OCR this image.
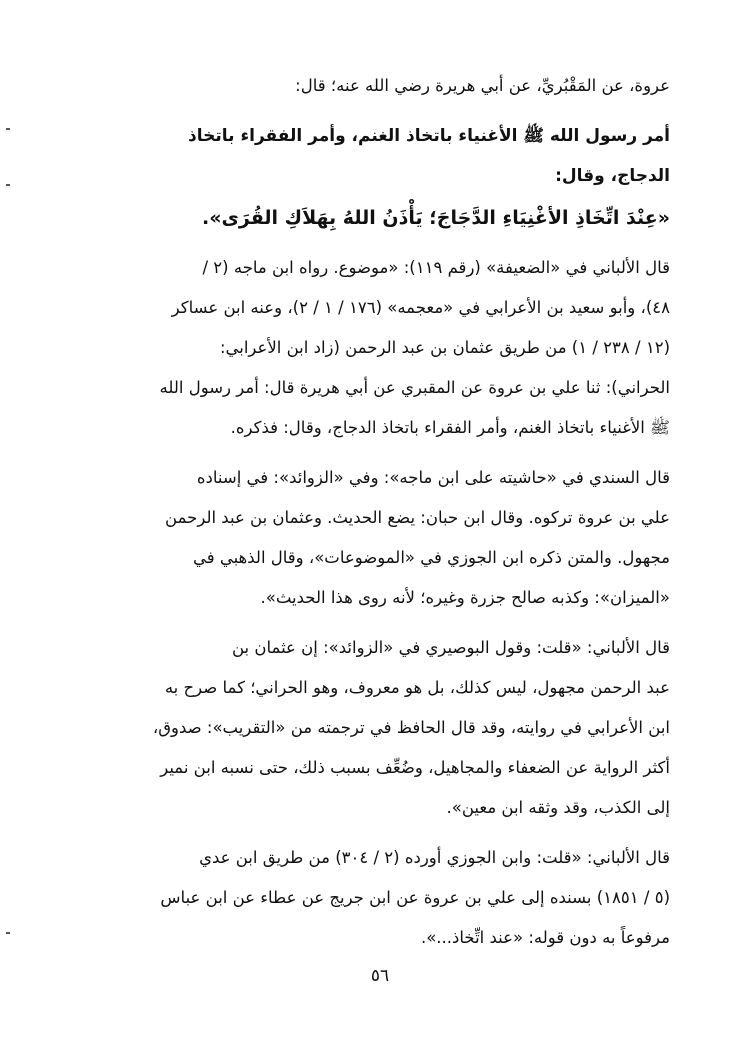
عروة، عن المَقْبُريِّ، عن أبي هريرة رضي الله عنه؛ قال:

أمر رسول الله ﷺ الأغنياء باتخاذ الغنم، وأمر الفقراء باتخاذ
الدجاج، وقال:

«عِنْدَ اتِّخَاذِ الأغْنِيَاءِ الدَّجَاجَ؛ يَأْذَنُ اللهُ بِهَلاَكِ القُرَى».

قال الألباني في «الضعيفة» (رقم ١١٩): «موضوع. رواه ابن ماجه (٢ /
٤٨)، وأبو سعيد بن الأعرابي في «معجمه» (١٧٦ / ١ / ٢)، وعنه ابن عساكر
(١٢ / ٢٣٨ / ١) من طريق عثمان بن عبد الرحمن (زاد ابن الأعرابي:
الحراني): ثنا علي بن عروة عن المقبري عن أبي هريرة قال: أمر رسول الله
ﷺ الأغنياء باتخاذ الغنم، وأمر الفقراء باتخاذ الدجاج، وقال: فذكره.

قال السندي في «حاشيته على ابن ماجه»: وفي «الزوائد»: في إسناده
علي بن عروة تركوه. وقال ابن حبان: يضع الحديث. وعثمان بن عبد الرحمن
مجهول. والمتن ذكره ابن الجوزي في «الموضوعات»، وقال الذهبي في
«الميزان»: وكذبه صالح جزرة وغيره؛ لأنه روى هذا الحديث».

قال الألباني: «قلت: وقول البوصيري في «الزوائد»: إن عثمان بن
عبد الرحمن مجهول، ليس كذلك، بل هو معروف، وهو الحراني؛ كما صرح به
ابن الأعرابي في روايته، وقد قال الحافظ في ترجمته من «التقريب»: صدوق،
أكثر الرواية عن الضعفاء والمجاهيل، وضُعِّف بسبب ذلك، حتى نسبه ابن نمير
إلى الكذب، وقد وثقه ابن معين».

قال الألباني: «قلت: وابن الجوزي أورده (٢ / ٣٠٤) من طريق ابن عدي
(٥ / ١٨٥١) بسنده إلى علي بن عروة عن ابن جريج عن عطاء عن ابن عباس
مرفوعاً به دون قوله: «عند اتِّخاذ...».

٥٦
